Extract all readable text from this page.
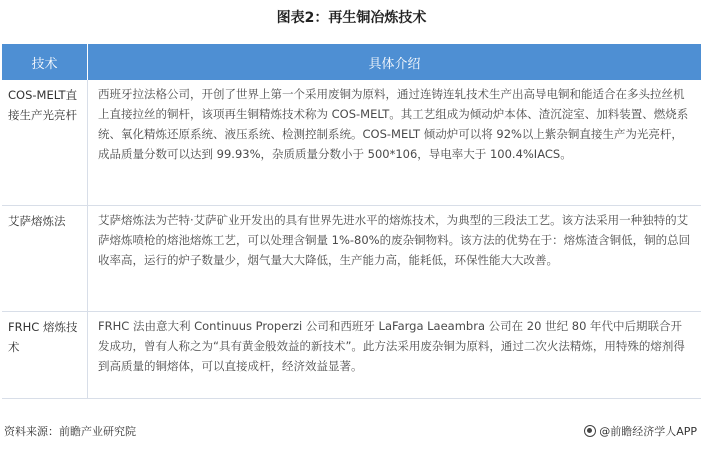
图表2：再生铜冶炼技术
技术	具体介绍
COS-MELT直接生产光亮杆	西班牙拉法格公司，开创了世界上第一个采用废铜为原料，通过连铸连轧技术生产出高导电铜和能适合在多头拉丝机上直接拉丝的铜杆，该项再生铜精炼技术称为 COS-MELT。其工艺组成为倾动炉本体、渣沉淀室、加料装置、燃烧系统、氧化精炼还原系统、液压系统、检测控制系统。COS-MELT 倾动炉可以将 92%以上紫杂铜直接生产为光亮杆，成品质量分数可以达到 99.93%，杂质质量分数小于 500*106，导电率大于 100.4%IACS。
艾萨熔炼法	艾萨熔炼法为芒特·艾萨矿业开发出的具有世界先进水平的熔炼技术，为典型的三段法工艺。该方法采用一种独特的艾萨熔炼喷枪的熔池熔炼工艺，可以处理含铜量 1%-80%的废杂铜物料。该方法的优势在于：熔炼渣含铜低，铜的总回收率高，运行的炉子数量少，烟气量大大降低，生产能力高，能耗低，环保性能大大改善。
FRHC 熔炼技术	FRHC 法由意大利 Continuus Properzi 公司和西班牙 LaFarga Laeambra 公司在 20 世纪 80 年代中后期联合开发成功，曾有人称之为“具有黄金般效益的新技术”。此方法采用废杂铜为原料，通过二次火法精炼，用特殊的熔剂得到高质量的铜熔体，可以直接成杆，经济效益显著。
资料来源：前瞻产业研究院	@前瞻经济学人APP
